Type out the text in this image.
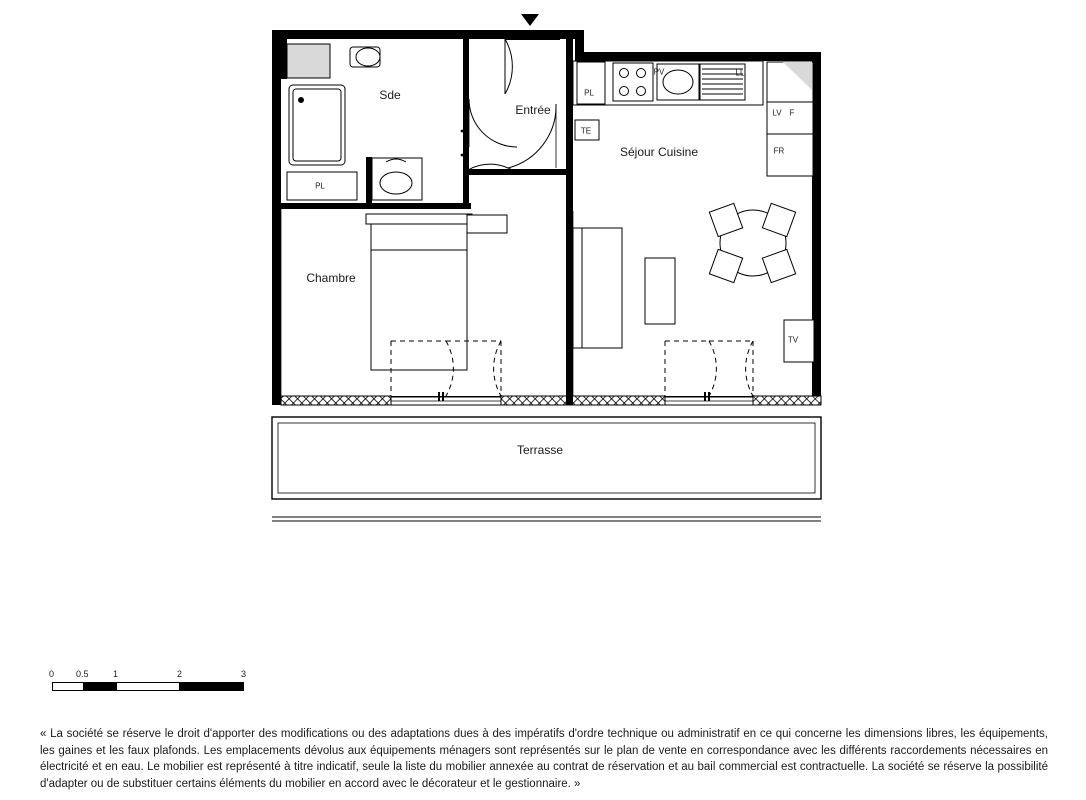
Sde
Entrée
Séjour Cuisine
Chambre
Terrasse
PL
PL
TE
F
LV
LL
PV
FR
TV
0 0.5	1	2	3
« La société se réserve le droit d'apporter des modifications ou des adaptations dues à des impératifs d'ordre technique ou administratif en ce qui concerne les dimensions libres, les équipements, les gaines et les faux plafonds. Les emplacements dévolus aux équipements ménagers sont représentés sur le plan de vente en correspondance avec les différents raccordements nécessaires en électricité et en eau. Le mobilier est représenté à titre indicatif, seule la liste du mobilier annexée au contrat de réservation et au bail commercial est contractuelle. La société se réserve la possibilité d'adapter ou de substituer certains éléments du mobilier en accord avec le décorateur et le gestionnaire. »
